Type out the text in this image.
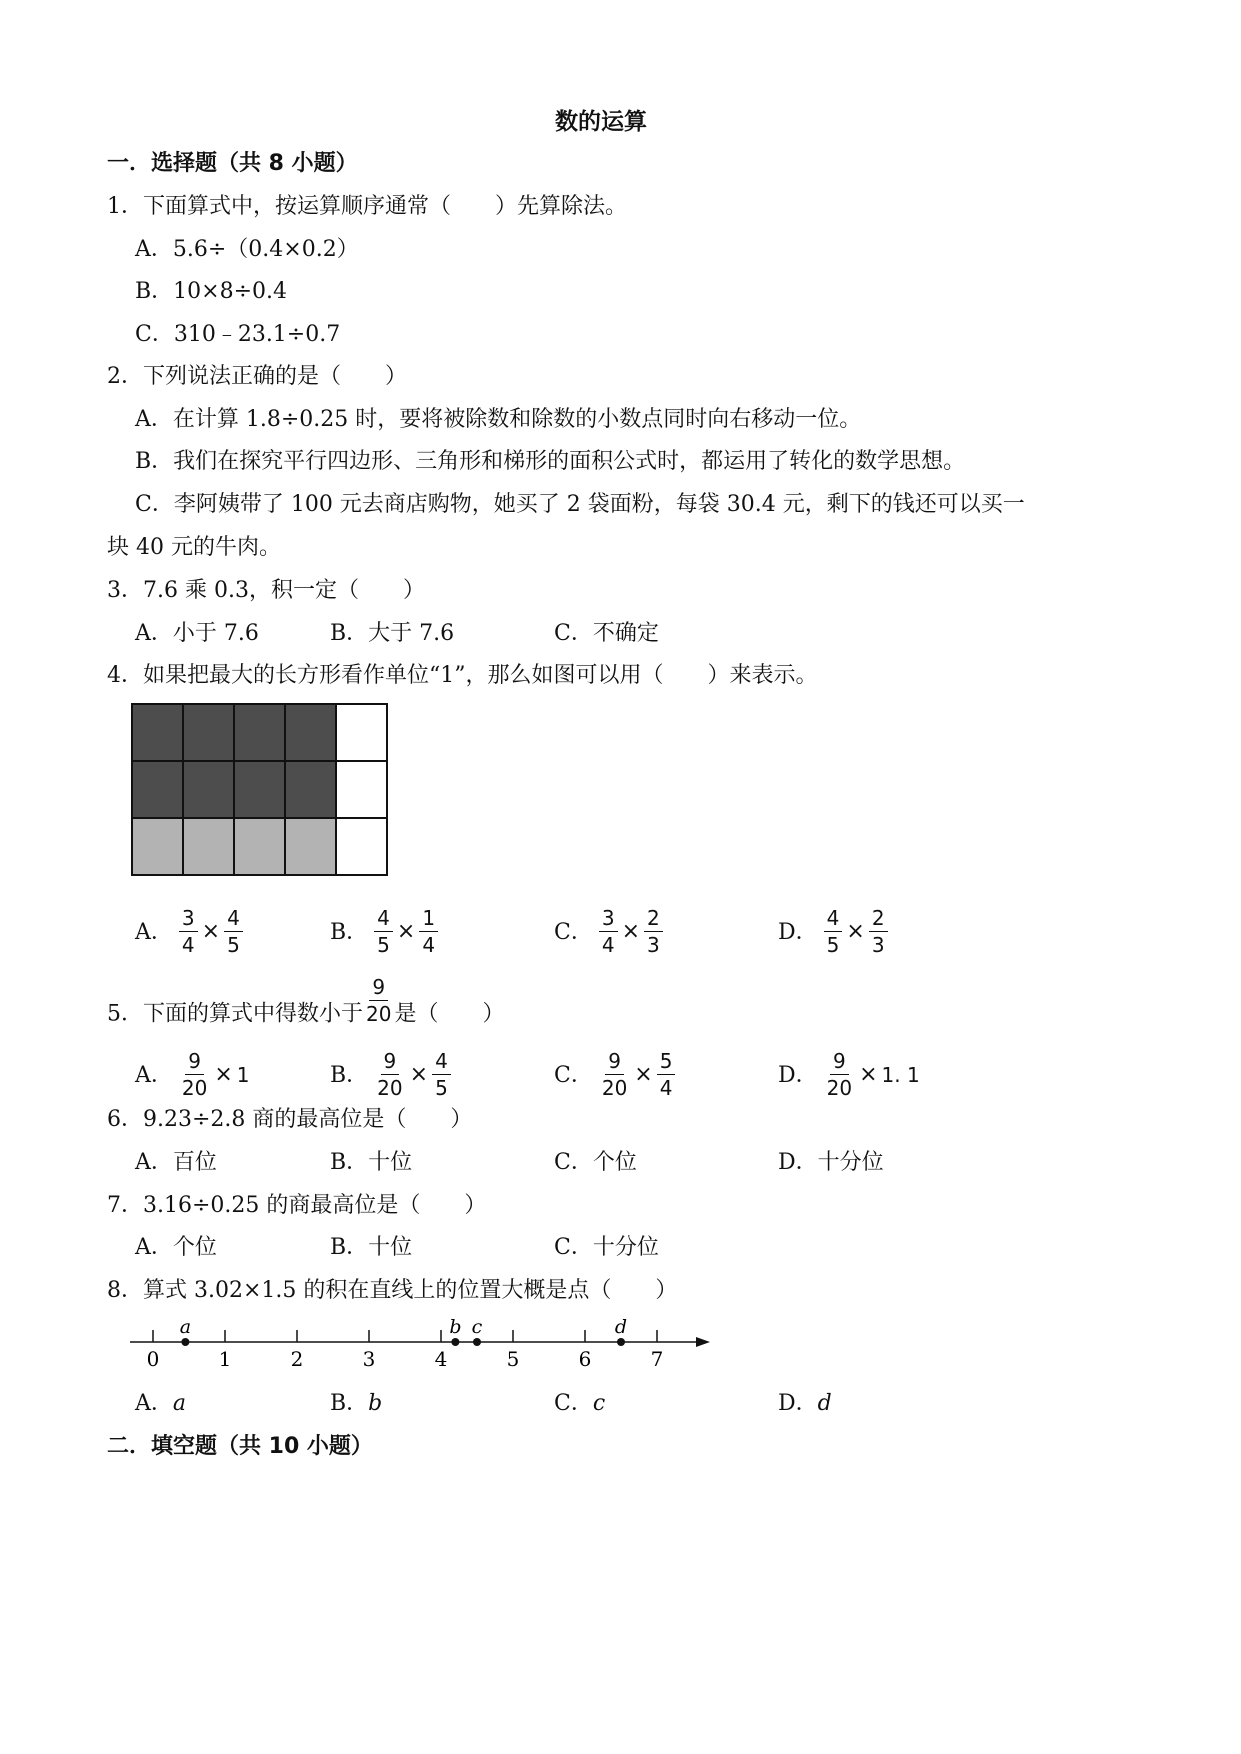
数的运算
一．选择题（共 8 小题）
1．下面算式中，按运算顺序通常（　　）先算除法。
A．5.6÷（0.4×0.2）
B．10×8÷0.4
C．310﹣23.1÷0.7
2．下列说法正确的是（　　）
A．在计算 1.8÷0.25 时，要将被除数和除数的小数点同时向右移动一位。
B．我们在探究平行四边形、三角形和梯形的面积公式时，都运用了转化的数学思想。
C．李阿姨带了 100 元去商店购物，她买了 2 袋面粉，每袋 30.4 元，剩下的钱还可以买一
块 40 元的牛肉。
3．7.6 乘 0.3，积一定（　　）
A．小于 7.6	B．大于 7.6	C．不确定
4．如果把最大的长方形看作单位“1”，那么如图可以用（　　）来表示。
A． $\frac{3}{4} \times \frac{4}{5}$	B． $\frac{4}{5} \times \frac{1}{4}$	C． $\frac{3}{4} \times \frac{2}{3}$	D． $\frac{4}{5} \times \frac{2}{3}$
5．下面的算式中得数小于 $\frac{9}{20}$ 是（　　）
A． $\frac{9}{20} \times 1$	B． $\frac{9}{20} \times \frac{4}{5}$	C． $\frac{9}{20} \times \frac{5}{4}$	D． $\frac{9}{20} \times 1$. 1
6．9.23÷2.8 商的最高位是（　　）
A．百位	B．十位	C．个位	D．十分位
7．3.16÷0.25 的商最高位是（　　）
A．个位	B．十位	C．十分位
8．算式 3.02×1.5 的积在直线上的位置大概是点（　　）
0	1	2	3	4	5	6	7
a	b c	d
A．a	B．b	C．c	D．d
二．填空题（共 10 小题）
